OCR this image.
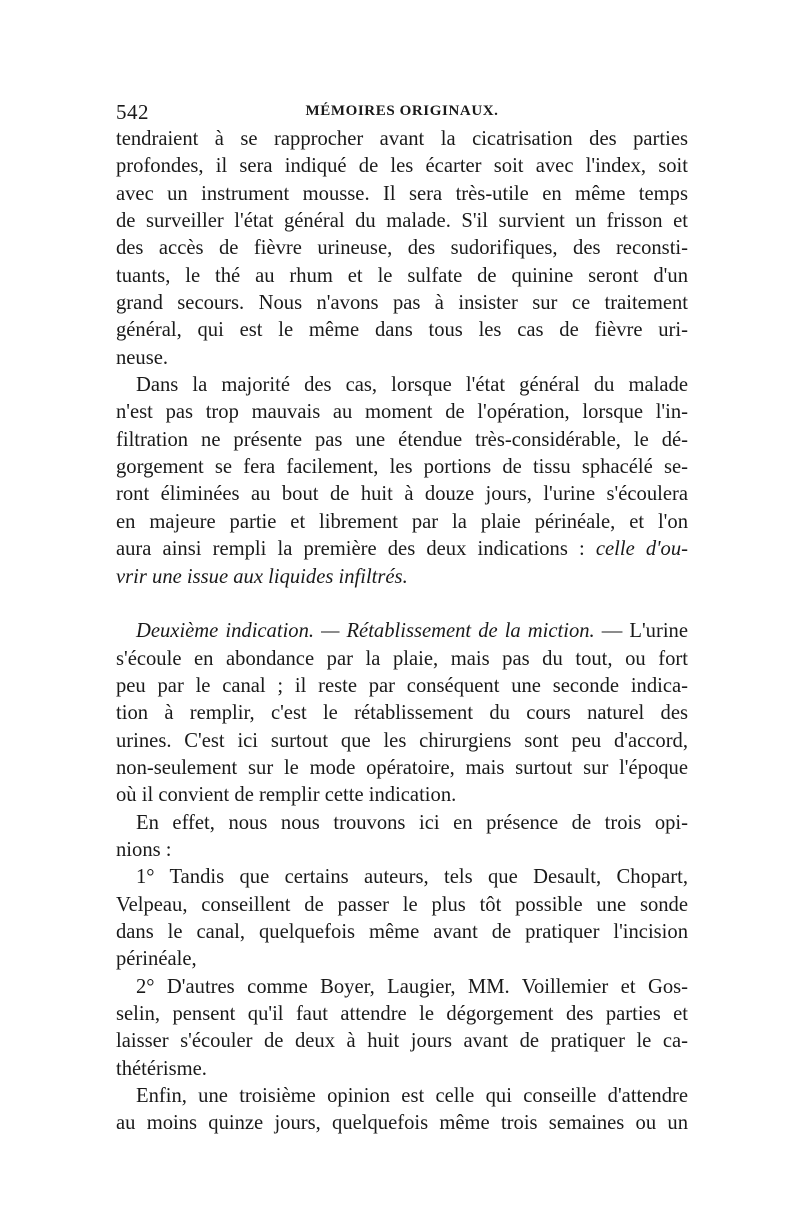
542	MÉMOIRES ORIGINAUX.
tendraient à se rapprocher avant la cicatrisation des parties
profondes, il sera indiqué de les écarter soit avec l'index, soit
avec un instrument mousse. Il sera très-utile en même temps
de surveiller l'état général du malade. S'il survient un frisson et
des accès de fièvre urineuse, des sudorifiques, des reconsti-
tuants, le thé au rhum et le sulfate de quinine seront d'un
grand secours. Nous n'avons pas à insister sur ce traitement
général, qui est le même dans tous les cas de fièvre uri-
neuse.
Dans la majorité des cas, lorsque l'état général du malade
n'est pas trop mauvais au moment de l'opération, lorsque l'in-
filtration ne présente pas une étendue très-considérable, le dé-
gorgement se fera facilement, les portions de tissu sphacélé se-
ront éliminées au bout de huit à douze jours, l'urine s'écoulera
en majeure partie et librement par la plaie périnéale, et l'on
aura ainsi rempli la première des deux indications : celle d'ou-
vrir une issue aux liquides infiltrés.
Deuxième indication. — Rétablissement de la miction. — L'urine
s'écoule en abondance par la plaie, mais pas du tout, ou fort
peu par le canal ; il reste par conséquent une seconde indica-
tion à remplir, c'est le rétablissement du cours naturel des
urines. C'est ici surtout que les chirurgiens sont peu d'accord,
non-seulement sur le mode opératoire, mais surtout sur l'époque
où il convient de remplir cette indication.
En effet, nous nous trouvons ici en présence de trois opi-
nions :
1° Tandis que certains auteurs, tels que Desault, Chopart,
Velpeau, conseillent de passer le plus tôt possible une sonde
dans le canal, quelquefois même avant de pratiquer l'incision
périnéale,
2° D'autres comme Boyer, Laugier, MM. Voillemier et Gos-
selin, pensent qu'il faut attendre le dégorgement des parties et
laisser s'écouler de deux à huit jours avant de pratiquer le ca-
thétérisme.
Enfin, une troisième opinion est celle qui conseille d'attendre
au moins quinze jours, quelquefois même trois semaines ou un
